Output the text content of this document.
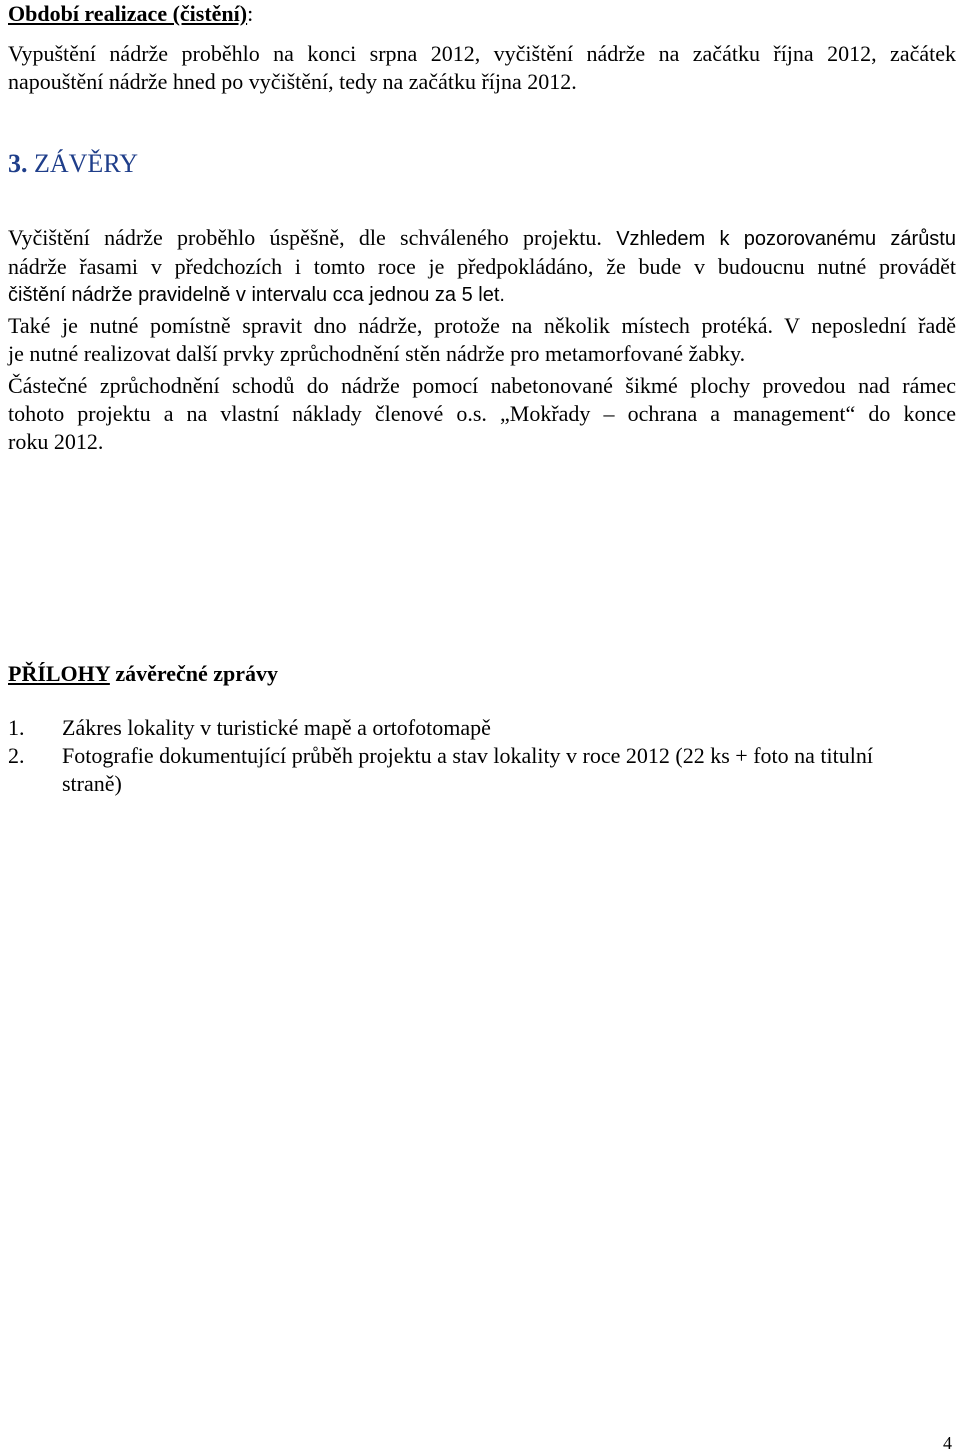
Období realizace (čistění):
Vypuštění nádrže proběhlo na konci srpna 2012, vyčištění nádrže na začátku října 2012, začátek
napouštění nádrže hned po vyčištění, tedy na začátku října 2012.
3. ZÁVĚRY
Vyčištění nádrže proběhlo úspěšně, dle schváleného projektu. Vzhledem k pozorovanému zárůstu
nádrže řasami v předchozích i tomto roce je předpokládáno, že bude v budoucnu nutné provádět
čištění nádrže pravidelně v intervalu cca jednou za 5 let.
Také je nutné pomístně spravit dno nádrže, protože na několik místech protéká. V neposlední řadě
je nutné realizovat další prvky zprůchodnění stěn nádrže pro metamorfované žabky.
Částečné zprůchodnění schodů do nádrže pomocí nabetonované šikmé plochy provedou nad rámec
tohoto projektu a na vlastní náklady členové o.s. „Mokřady – ochrana a management“ do konce
roku 2012.
PŘÍLOHY závěrečné zprávy
1. Zákres lokality v turistické mapě a ortofotomapě
2. Fotografie dokumentující průběh projektu a stav lokality v roce 2012 (22 ks + foto na titulní
straně)
4
